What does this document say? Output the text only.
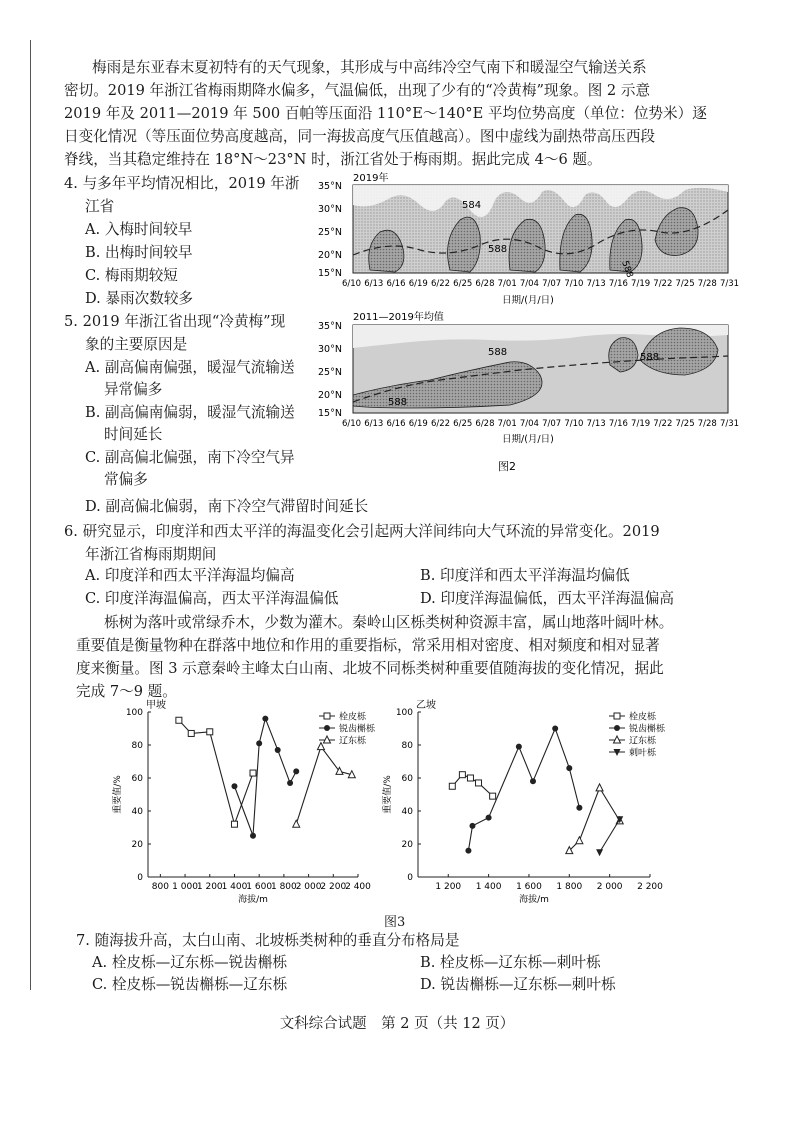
梅雨是东亚春末夏初特有的天气现象，其形成与中高纬冷空气南下和暖湿空气输送关系
密切。2019 年浙江省梅雨期降水偏多，气温偏低，出现了少有的“冷黄梅”现象。图 2 示意
2019 年及 2011—2019 年 500 百帕等压面沿 110°E～140°E 平均位势高度（单位：位势米）逐
日变化情况（等压面位势高度越高，同一海拔高度气压值越高）。图中虚线为副热带高压西段
脊线，当其稳定维持在 18°N～23°N 时，浙江省处于梅雨期。据此完成 4～6 题。
4. 与多年平均情况相比，2019 年浙
江省
A. 入梅时间较早
B. 出梅时间较早
C. 梅雨期较短
D. 暴雨次数较多
5. 2019 年浙江省出现“冷黄梅”现
象的主要原因是
A. 副高偏南偏强，暖湿气流输送
异常偏多
B. 副高偏南偏弱，暖湿气流输送
时间延长
C. 副高偏北偏强，南下冷空气异
常偏多
D. 副高偏北偏弱，南下冷空气滞留时间延长
2019年
584
588
588
35°N
30°N
25°N
20°N
15°N
6/10 6/13 6/16 6/19 6/22 6/25 6/28 7/01 7/04 7/07 7/10 7/13 7/16 7/19 7/22 7/25 7/28 7/31
日期/(月/日)
2011—2019年均值
588	588
588
35°N
30°N
25°N
20°N
15°N
6/10 6/13 6/16 6/19 6/22 6/25 6/28 7/01 7/04 7/07 7/10 7/13 7/16 7/19 7/22 7/25 7/28 7/31
日期/(月/日)
图2
6. 研究显示，印度洋和西太平洋的海温变化会引起两大洋间纬向大气环流的异常变化。2019
年浙江省梅雨期期间
A. 印度洋和西太平洋海温均偏高	B. 印度洋和西太平洋海温均偏低
C. 印度洋海温偏高，西太平洋海温偏低	D. 印度洋海温偏低，西太平洋海温偏高
栎树为落叶或常绿乔木，少数为灌木。秦岭山区栎类树种资源丰富，属山地落叶阔叶林。
重要值是衡量物种在群落中地位和作用的重要指标，常采用相对密度、相对频度和相对显著
度来衡量。图 3 示意秦岭主峰太白山南、北坡不同栎类树种重要值随海拔的变化情况，据此
完成 7～9 题。
甲坡
0
20
40
60
80
100
800 1 000
1 200
1 400
1 600
1 800
2 000
2 200
2 400
海拔/m
重要值/%
栓皮栎
锐齿槲栎
辽东栎
乙坡
0
20
40
60
80
100
1 200 1 400 1 600 1 800 2 000 2 200
海拔/m
重要值/%
栓皮栎
锐齿槲栎
辽东栎
刺叶栎
图3
7. 随海拔升高，太白山南、北坡栎类树种的垂直分布格局是
A. 栓皮栎—辽东栎—锐齿槲栎	B. 栓皮栎—辽东栎—刺叶栎
C. 栓皮栎—锐齿槲栎—辽东栎	D. 锐齿槲栎—辽东栎—刺叶栎
文科综合试题　第 2 页（共 12 页）
